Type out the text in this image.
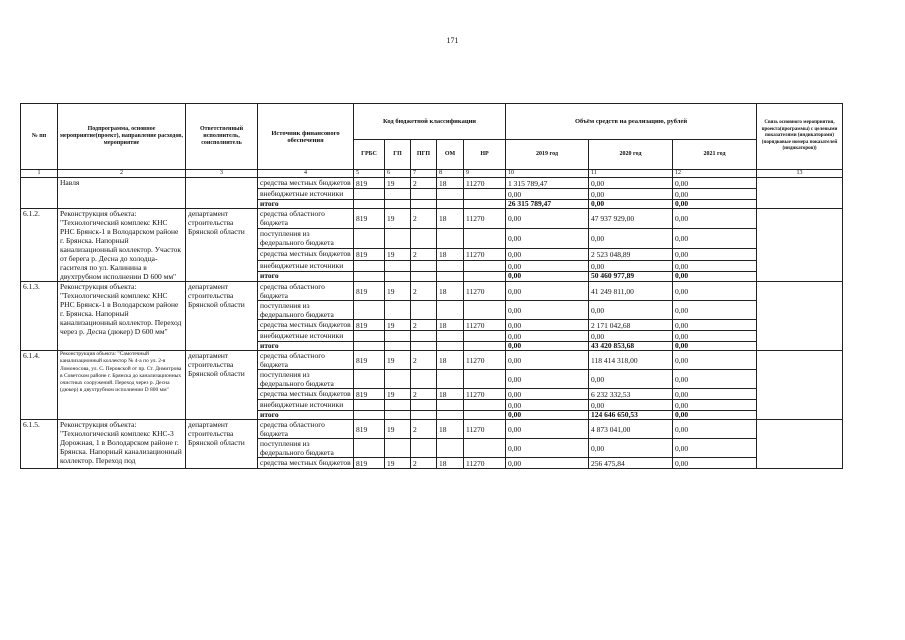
171
№ пп	Подпрограмма, основное мероприятие(проект), направление расходов, мероприятие	Ответственный исполнитель, соисполнитель	Источник финансового обеспечения	Код бюджетной классификации					Объём средств на реализацию, рублей			Связь основного мероприятия, проекта(программы) с целевыми показателями (индикаторами) (порядковые номера показателей (индикаторов))
				ГРБС	ГП	ПГП	ОМ	НР	2019 год	2020 год	2021 год	
1	2	3	4	5	6	7	8	9	10	11	12	13
	Навля		средства местных бюджетов	819	19	2	18	11270	1 315 789,47	0,00	0,00	
			внебюджетные источники						0,00	0,00	0,00	
			итого						26 315 789,47	0,00	0,00	
6.1.2.	Реконструкция объекта: "Технологический комплекс КНС РНС Брянск-1 в Володарском районе г. Брянска. Напорный канализационный коллектор. Участок от берега р. Десна до холодца-гасителя по ул. Калинина в двухтрубном исполнении D 600 мм"	департамент строительства Брянской области	средства областного бюджета	819	19	2	18	11270	0,00	47 937 929,00	0,00	
			поступления из федерального бюджета						0,00	0,00	0,00	
			средства местных бюджетов	819	19	2	18	11270	0,00	2 523 048,89	0,00	
			внебюджетные источники						0,00	0,00	0,00	
			итого						0,00	50 460 977,89	0,00	
6.1.3.	Реконструкция объекта: "Технологический комплекс КНС РНС Брянск-1 в Володарском районе г. Брянска. Напорный канализационный коллектор. Переход через р. Десна (дюкер) D 600 мм"	департамент строительства Брянской области	средства областного бюджета	819	19	2	18	11270	0,00	41 249 811,00	0,00	
			поступления из федерального бюджета						0,00	0,00	0,00	
			средства местных бюджетов	819	19	2	18	11270	0,00	2 171 042,68	0,00	
			внебюджетные источники						0,00	0,00	0,00	
			итого						0,00	43 420 853,68	0,00	
6.1.4.	Реконструкция объекта: "Самотечный канализационный коллектор № 4-а по ул. 2-я Ломоносова, ул. С. Перовской от пр. Ст. Димитрова в Советском районе г. Брянска до канализационных очистных сооружений. Переход через р. Десна (дюкер) в двухтрубном исполнении D 800 мм"	департамент строительства Брянской области	средства областного бюджета	819	19	2	18	11270	0,00	118 414 318,00	0,00	
			поступления из федерального бюджета						0,00	0,00	0,00	
			средства местных бюджетов	819	19	2	18	11270	0,00	6 232 332,53	0,00	
			внебюджетные источники						0,00	0,00	0,00	
			итого						0,00	124 646 650,53	0,00	
6.1.5.	Реконструкция объекта: "Технологический комплекс КНС-3 Дорожная, 1 в Володарском районе г. Брянска. Напорный канализационный коллектор. Переход под	департамент строительства Брянской области	средства областного бюджета	819	19	2	18	11270	0,00	4 873 041,00	0,00	
			поступления из федерального бюджета						0,00	0,00	0,00	
			средства местных бюджетов	819	19	2	18	11270	0,00	256 475,84	0,00	
